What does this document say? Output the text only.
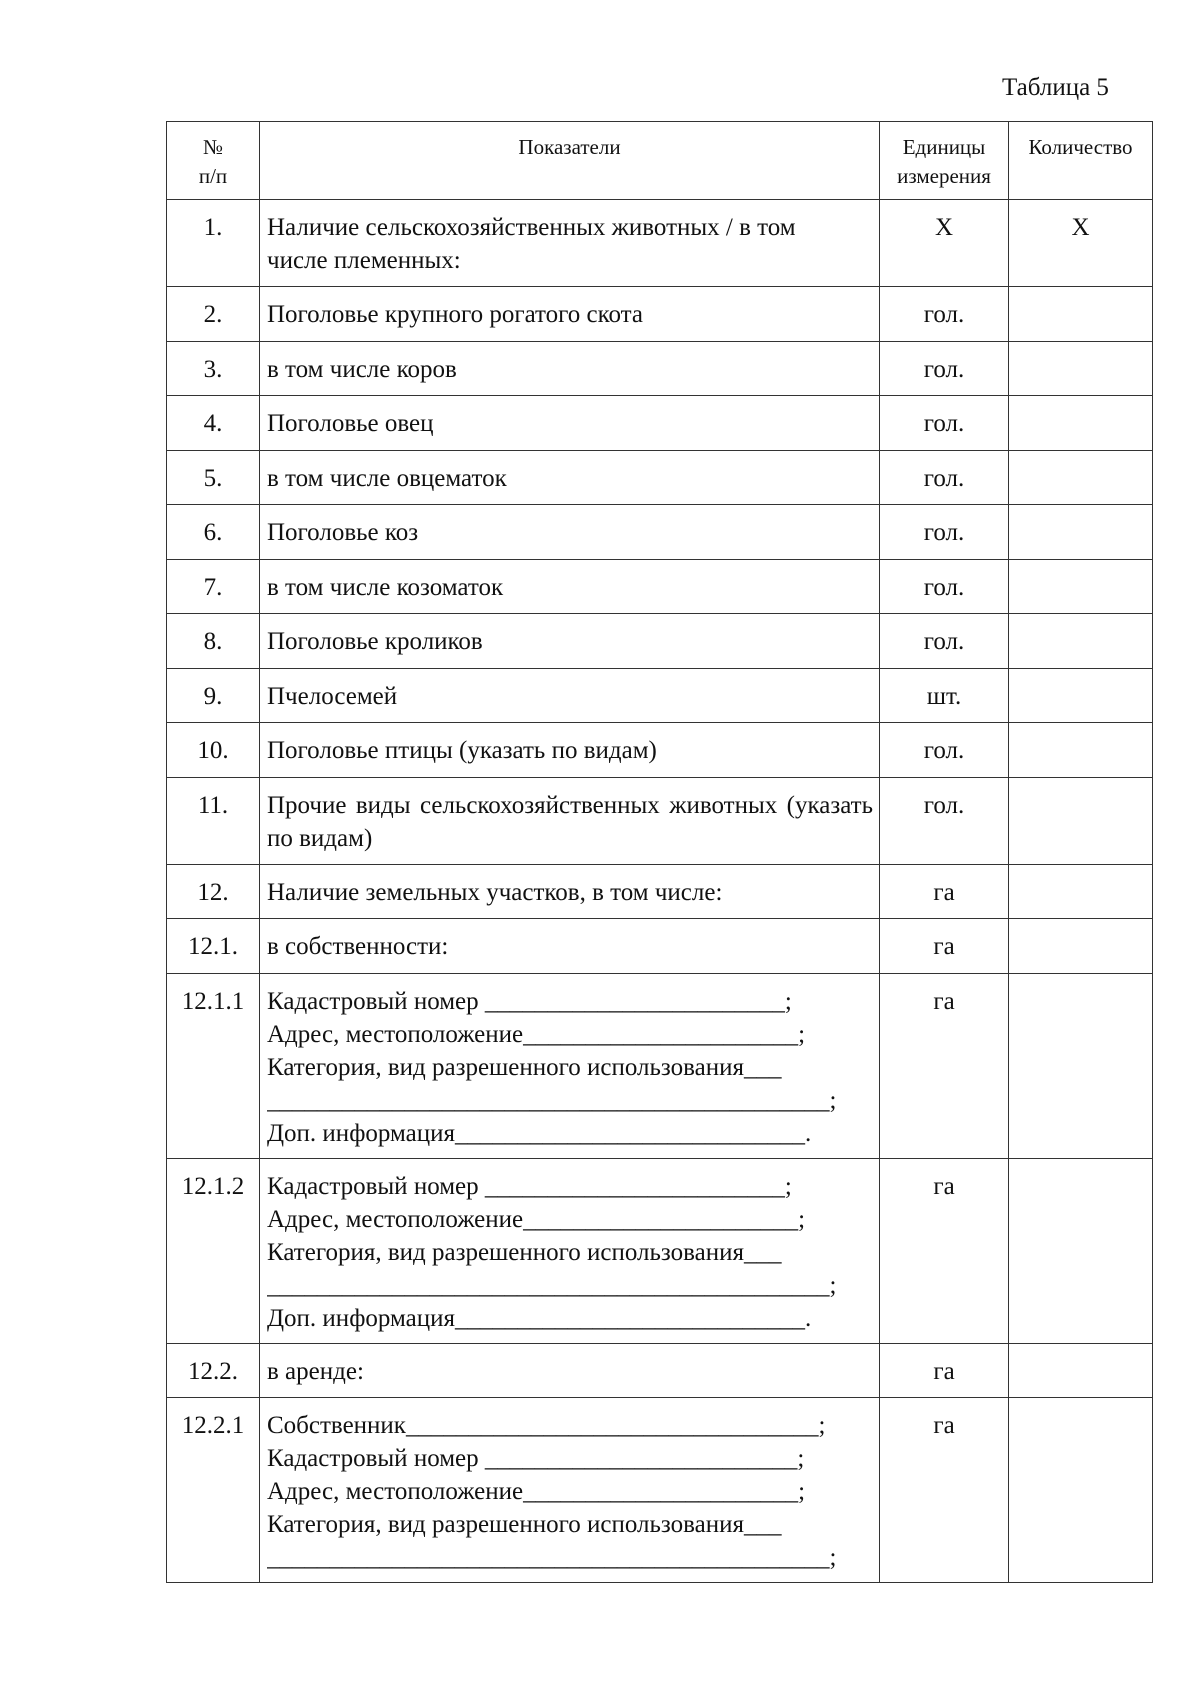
Таблица 5
№
п/п	Показатели	Единицы
измерения	Количество
1.	Наличие сельскохозяйственных животных / в том
числе племенных:	Х	Х
2.	Поголовье крупного рогатого скота	гол.	
3.	в том числе коров	гол.	
4.	Поголовье овец	гол.	
5.	в том числе овцематок	гол.	
6.	Поголовье коз	гол.	
7.	в том числе козоматок	гол.	
8.	Поголовье кроликов	гол.	
9.	Пчелосемей	шт.	
10.	Поголовье птицы (указать по видам)	гол.	
11.	Прочие виды сельскохозяйственных животных (указать по видам)	гол.	
12.	Наличие земельных участков, в том числе:	га	
12.1.	в собственности:	га	
12.1.1	Кадастровый номер ________________________;
Адрес, местоположение______________________;
Категория, вид разрешенного использования___
_____________________________________________;
Доп. информация____________________________.	га	
12.1.2	Кадастровый номер ________________________;
Адрес, местоположение______________________;
Категория, вид разрешенного использования___
_____________________________________________;
Доп. информация____________________________.	га	
12.2.	в аренде:	га	
12.2.1	Собственник_________________________________;
Кадастровый номер _________________________;
Адрес, местоположение______________________;
Категория, вид разрешенного использования___
_____________________________________________;	га	
